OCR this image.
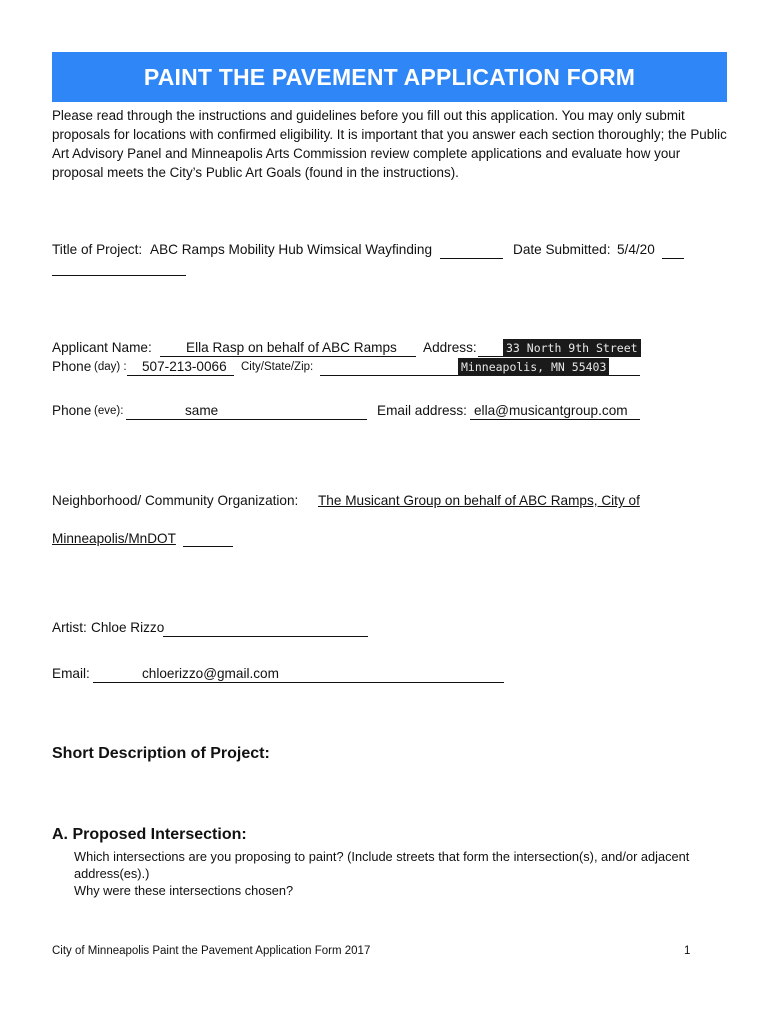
PAINT THE PAVEMENT APPLICATION FORM
Please read through the instructions and guidelines before you fill out this application. You may only submit proposals for locations with confirmed eligibility. It is important that you answer each section thoroughly; the Public Art Advisory Panel and Minneapolis Arts Commission review complete applications and evaluate how your proposal meets the City’s Public Art Goals (found in the instructions).
Title of Project: ABC Ramps Mobility Hub Wimsical Wayfinding	Date Submitted: 5/4/20
Applicant Name:	Ella Rasp on behalf of ABC Ramps Address:	33 North 9th Street
Phone (day) : 507-213-0066 City/State/Zip:	Minneapolis, MN 55403
Phone (eve):	same	Email address: ella@musicantgroup.com
Neighborhood/ Community Organization: The Musicant Group on behalf of ABC Ramps, City of
Minneapolis/MnDOT
Artist: Chloe Rizzo
Email:	chloerizzo@gmail.com
Short Description of Project:
A. Proposed Intersection:
Which intersections are you proposing to paint? (Include streets that form the intersection(s), and/or adjacent
address(es).)
Why were these intersections chosen?
City of Minneapolis Paint the Pavement Application Form 2017	1
